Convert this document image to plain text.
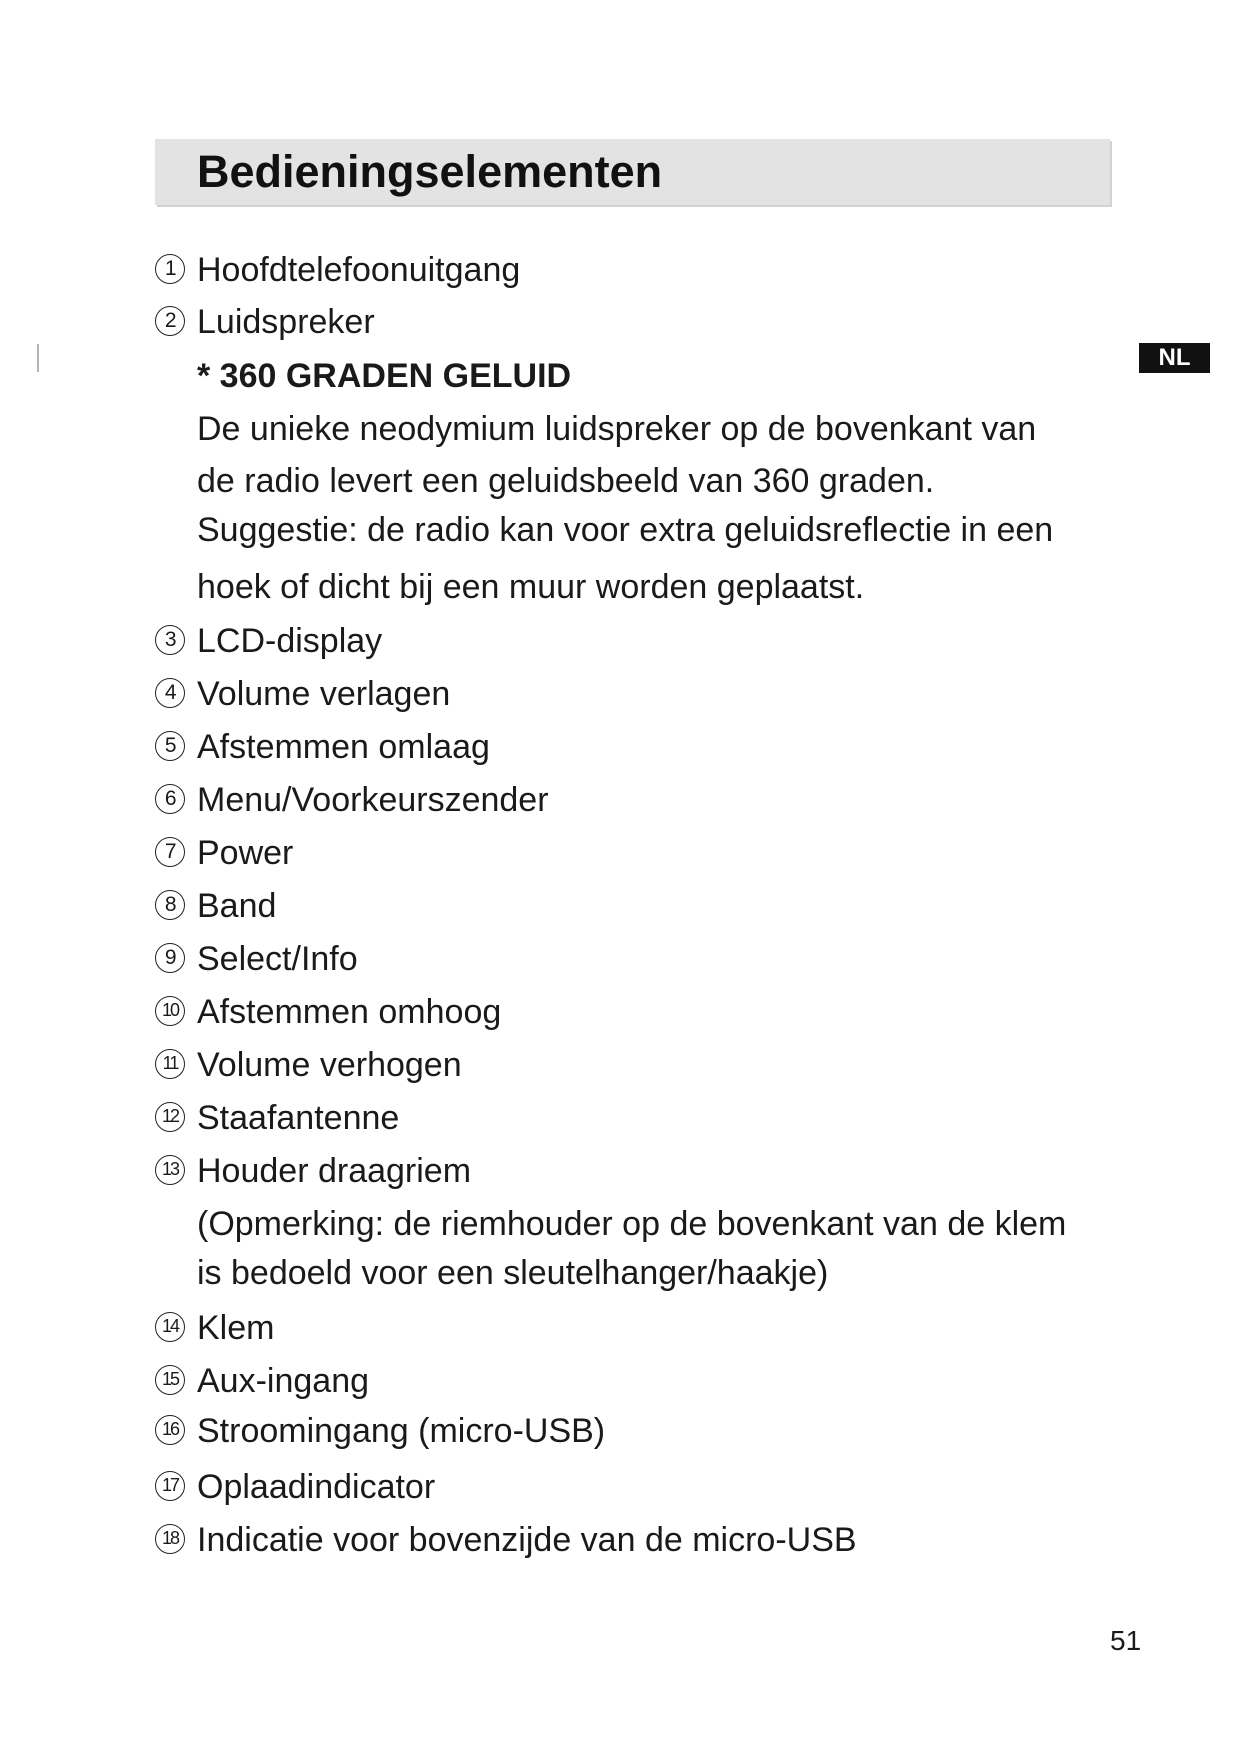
Bedieningselementen
NL
1 Hoofdtelefoonuitgang
2 Luidspreker
* 360 GRADEN GELUID
De unieke neodymium luidspreker op de bovenkant van
de radio levert een geluidsbeeld van 360 graden.
Suggestie: de radio kan voor extra geluidsreflectie in een
hoek of dicht bij een muur worden geplaatst.
3 LCD-display
4 Volume verlagen
5 Afstemmen omlaag
6 Menu/Voorkeurszender
7 Power
8 Band
9 Select/Info
10 Afstemmen omhoog
11 Volume verhogen
12 Staafantenne
13 Houder draagriem
(Opmerking: de riemhouder op de bovenkant van de klem
is bedoeld voor een sleutelhanger/haakje)
14 Klem
15 Aux-ingang
16 Stroomingang (micro-USB)
17 Oplaadindicator
18 Indicatie voor bovenzijde van de micro-USB
51
